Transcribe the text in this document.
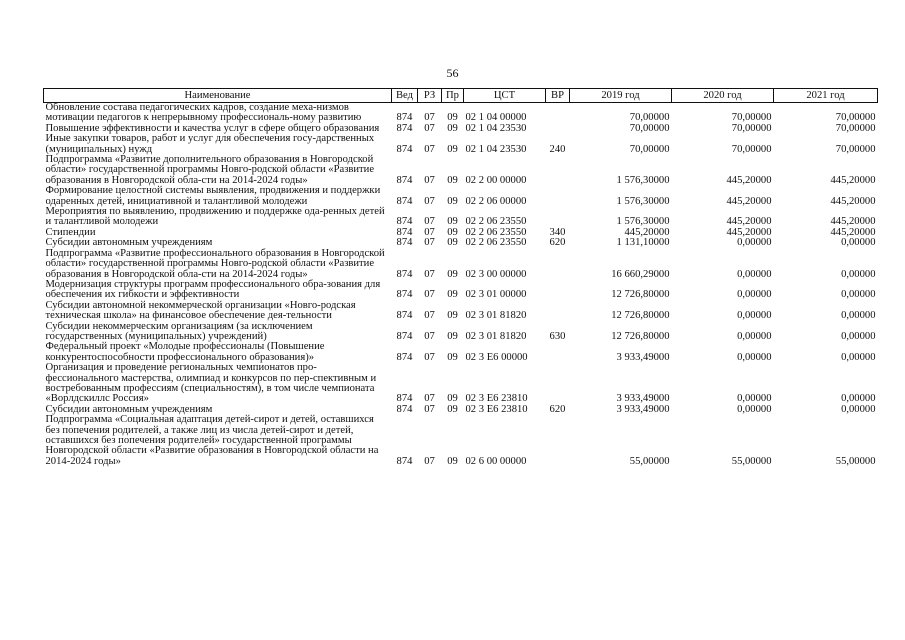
56
Наименование	Вед	РЗ	Пр	ЦСТ	ВР	2019 год	2020 год	2021 год
Обновление состава педагогических кадров, создание меха-низмов мотивации педагогов к непрерывному профессиональ-ному развитию	874	07	09	02 1 04 00000		70,00000	70,00000	70,00000
Повышение эффективности и качества услуг в сфере общего образования	874	07	09	02 1 04 23530		70,00000	70,00000	70,00000
Иные закупки товаров, работ и услуг для обеспечения госу-дарственных (муниципальных) нужд	874	07	09	02 1 04 23530	240	70,00000	70,00000	70,00000
Подпрограмма «Развитие дополнительного образования в Новгородской области» государственной программы Новго-родской области «Развитие образования в Новгородской обла-сти на 2014-2024 годы»	874	07	09	02 2 00 00000		1 576,30000	445,20000	445,20000
Формирование целостной системы выявления, продвижения и поддержки одаренных детей, инициативной и талантливой молодежи	874	07	09	02 2 06 00000		1 576,30000	445,20000	445,20000
Мероприятия по выявлению, продвижению и поддержке ода-ренных детей и талантливой молодежи	874	07	09	02 2 06 23550		1 576,30000	445,20000	445,20000
Стипендии	874	07	09	02 2 06 23550	340	445,20000	445,20000	445,20000
Субсидии автономным учреждениям	874	07	09	02 2 06 23550	620	1 131,10000	0,00000	0,00000
Подпрограмма «Развитие профессионального образования в Новгородской области» государственной программы Новго-родской области «Развитие образования в Новгородской обла-сти на 2014-2024 годы»	874	07	09	02 3 00 00000		16 660,29000	0,00000	0,00000
Модернизация структуры программ профессионального обра-зования для обеспечения их гибкости и эффективности	874	07	09	02 3 01 00000		12 726,80000	0,00000	0,00000
Субсидии автономной некоммерческой организации «Новго-родская техническая школа» на финансовое обеспечение дея-тельности	874	07	09	02 3 01 81820		12 726,80000	0,00000	0,00000
Субсидии некоммерческим организациям (за исключением государственных (муниципальных) учреждений)	874	07	09	02 3 01 81820	630	12 726,80000	0,00000	0,00000
Федеральный проект «Молодые профессионалы (Повышение конкурентоспособности профессионального образования)»	874	07	09	02 3 Е6 00000		3 933,49000	0,00000	0,00000
Организация и проведение региональных чемпионатов про-фессионального мастерства, олимпиад и конкурсов по пер-спективным и востребованным профессиям (специальностям), в том числе чемпионата «Ворлдскиллс Россия»	874	07	09	02 3 Е6 23810		3 933,49000	0,00000	0,00000
Субсидии автономным учреждениям	874	07	09	02 3 Е6 23810	620	3 933,49000	0,00000	0,00000
Подпрограмма «Социальная адаптация детей-сирот и детей, оставшихся без попечения родителей, а также лиц из числа детей-сирот и детей, оставшихся без попечения родителей» государственной программы Новгородской области «Развитие образования в Новгородской области на 2014-2024 годы»	874	07	09	02 6 00 00000		55,00000	55,00000	55,00000
